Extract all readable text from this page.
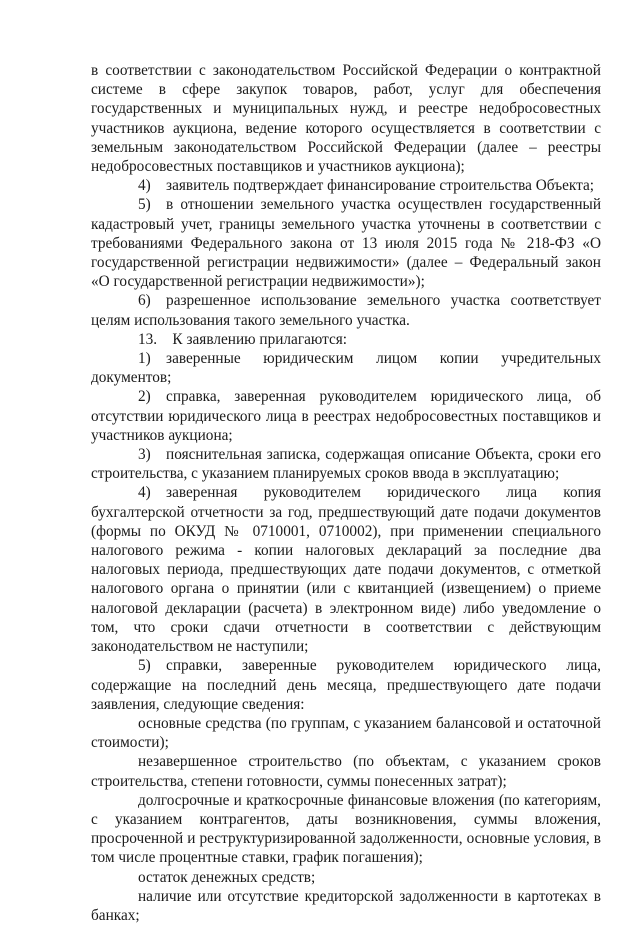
в соответствии с законодательством Российской Федерации о контрактной системе в сфере закупок товаров, работ, услуг для обеспечения государственных и муниципальных нужд, и реестре недобросовестных участников аукциона, ведение которого осуществляется в соответствии с земельным законодательством Российской Федерации (далее – реестры недобросовестных поставщиков и участников аукциона);

4) заявитель подтверждает финансирование строительства Объекта;

5) в отношении земельного участка осуществлен государственный кадастровый учет, границы земельного участка уточнены в соответствии с требованиями Федерального закона от 13 июля 2015 года № 218-ФЗ «О государственной регистрации недвижимости» (далее – Федеральный закон «О государственной регистрации недвижимости»);

6) разрешенное использование земельного участка соответствует целям использования такого земельного участка.

13. К заявлению прилагаются:

1) заверенные юридическим лицом копии учредительных документов;

2) справка, заверенная руководителем юридического лица, об отсутствии юридического лица в реестрах недобросовестных поставщиков и участников аукциона;

3) пояснительная записка, содержащая описание Объекта, сроки его строительства, с указанием планируемых сроков ввода в эксплуатацию;

4) заверенная руководителем юридического лица копия бухгалтерской отчетности за год, предшествующий дате подачи документов (формы по ОКУД № 0710001, 0710002), при применении специального налогового режима - копии налоговых деклараций за последние два налоговых периода, предшествующих дате подачи документов, с отметкой налогового органа о принятии (или с квитанцией (извещением) о приеме налоговой декларации (расчета) в электронном виде) либо уведомление о том, что сроки сдачи отчетности в соответствии с действующим законодательством не наступили;

5) справки, заверенные руководителем юридического лица, содержащие на последний день месяца, предшествующего дате подачи заявления, следующие сведения:

основные средства (по группам, с указанием балансовой и остаточной стоимости);

незавершенное строительство (по объектам, с указанием сроков строительства, степени готовности, суммы понесенных затрат);

долгосрочные и краткосрочные финансовые вложения (по категориям, с указанием контрагентов, даты возникновения, суммы вложения, просроченной и реструктуризированной задолженности, основные условия, в том числе процентные ставки, график погашения);

остаток денежных средств;

наличие или отсутствие кредиторской задолженности в картотеках в банках;
